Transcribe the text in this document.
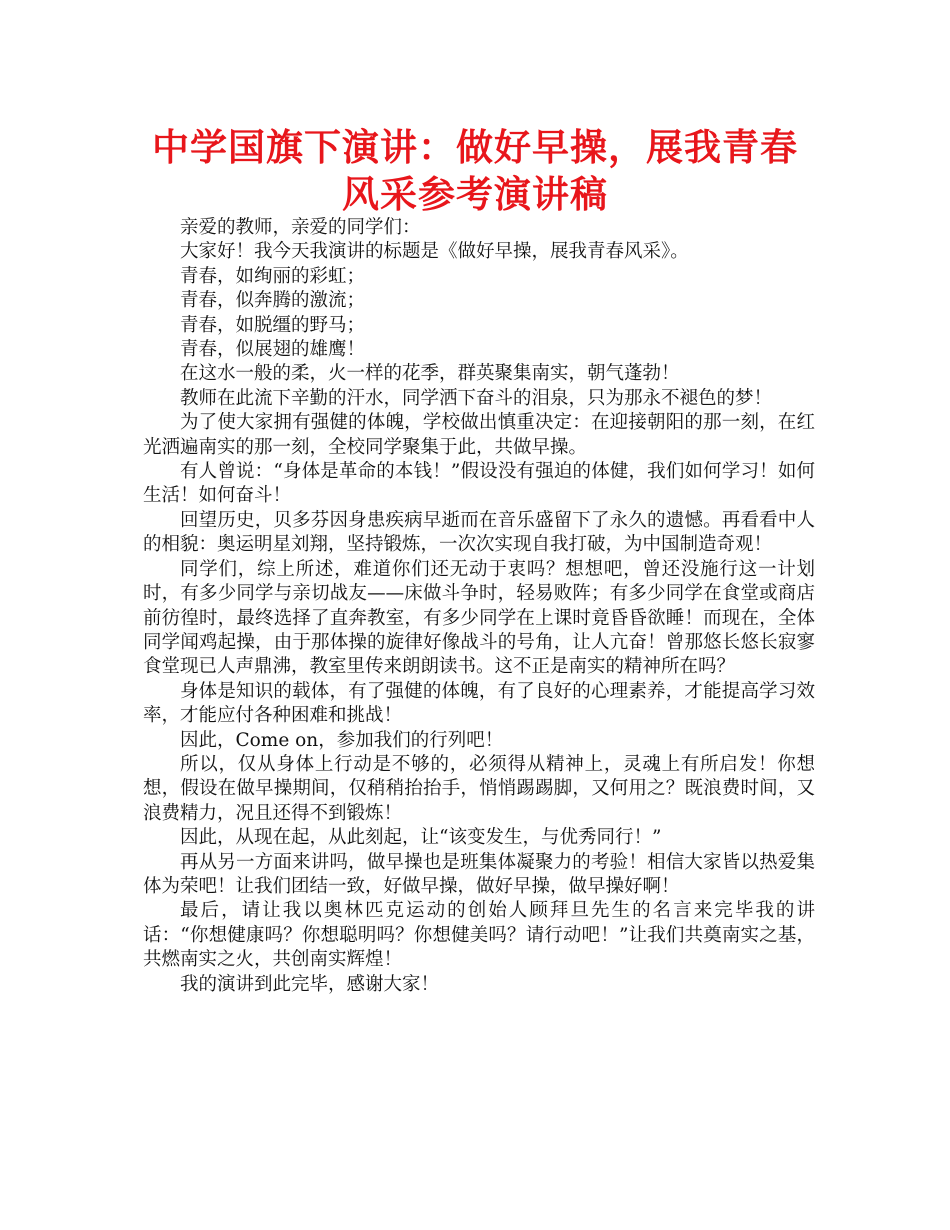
中学国旗下演讲：做好早操，展我青春风采参考演讲稿

亲爱的教师，亲爱的同学们：

大家好！我今天我演讲的标题是《做好早操，展我青春风采》。

青春，如绚丽的彩虹；

青春，似奔腾的激流；

青春，如脱缰的野马；

青春，似展翅的雄鹰！

在这水一般的柔，火一样的花季，群英聚集南实，朝气蓬勃！

教师在此流下辛勤的汗水，同学洒下奋斗的泪泉，只为那永不褪色的梦！

为了使大家拥有强健的体魄，学校做出慎重决定：在迎接朝阳的那一刻，在红光洒遍南实的那一刻，全校同学聚集于此，共做早操。

有人曾说：“身体是革命的本钱！”假设没有强迫的体健，我们如何学习！如何生活！如何奋斗！

回望历史，贝多芬因身患疾病早逝而在音乐盛留下了永久的遗憾。再看看中人的相貌：奥运明星刘翔，坚持锻炼，一次次实现自我打破，为中国制造奇观！

同学们，综上所述，难道你们还无动于衷吗？想想吧，曾还没施行这一计划时，有多少同学与亲切战友——床做斗争时，轻易败阵；有多少同学在食堂或商店前彷徨时，最终选择了直奔教室，有多少同学在上课时竟昏昏欲睡！而现在，全体同学闻鸡起操，由于那体操的旋律好像战斗的号角，让人亢奋！曾那悠长悠长寂寥食堂现已人声鼎沸，教室里传来朗朗读书。这不正是南实的精神所在吗？

身体是知识的载体，有了强健的体魄，有了良好的心理素养，才能提高学习效率，才能应付各种困难和挑战！

因此，Come on，参加我们的行列吧！

所以，仅从身体上行动是不够的，必须得从精神上，灵魂上有所启发！你想想，假设在做早操期间，仅稍稍抬抬手，悄悄踢踢脚，又何用之？既浪费时间，又浪费精力，况且还得不到锻炼！

因此，从现在起，从此刻起，让“该变发生，与优秀同行！”

再从另一方面来讲吗，做早操也是班集体凝聚力的考验！相信大家皆以热爱集体为荣吧！让我们团结一致，好做早操，做好早操，做早操好啊！

最后，请让我以奥林匹克运动的创始人顾拜旦先生的名言来完毕我的讲话：“你想健康吗？你想聪明吗？你想健美吗？请行动吧！”让我们共奠南实之基，共燃南实之火，共创南实辉煌！

我的演讲到此完毕，感谢大家！
